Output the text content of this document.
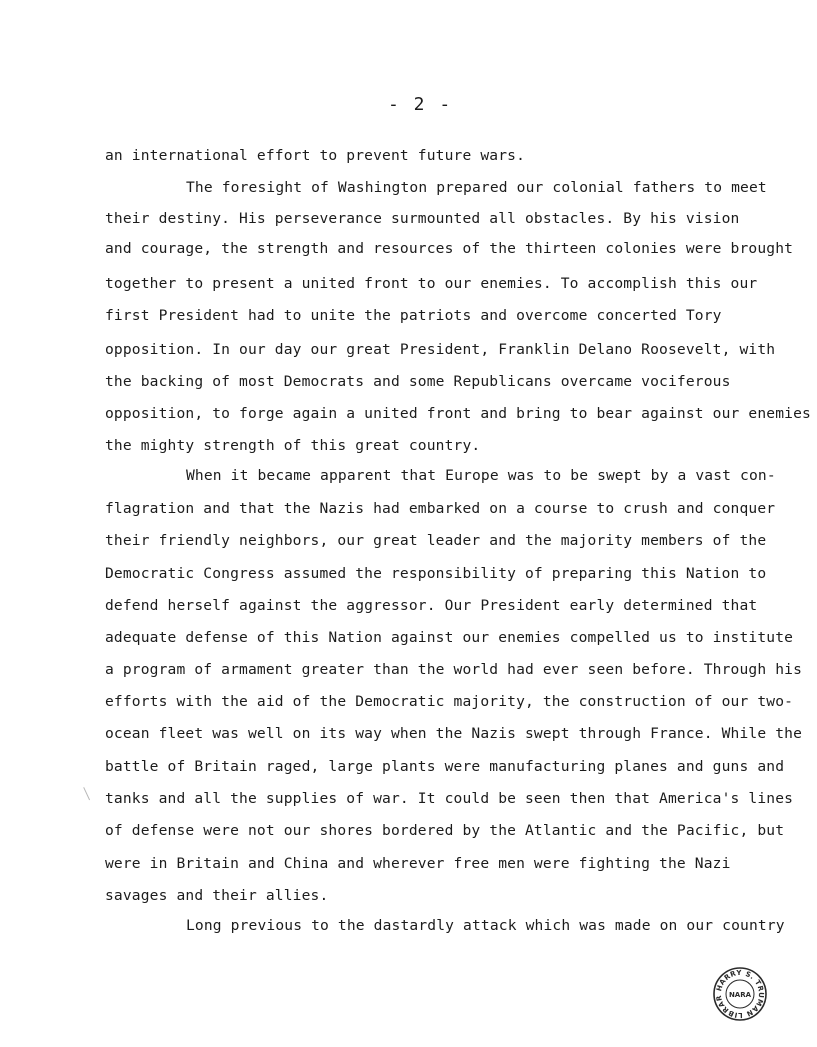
- 2 -
an international effort to prevent future wars.
The foresight of Washington prepared our colonial fathers to meet
their destiny. His perseverance surmounted all obstacles. By his vision
and courage, the strength and resources of the thirteen colonies were brought
together to present a united front to our enemies. To accomplish this our
first President had to unite the patriots and overcome concerted Tory
opposition. In our day our great President, Franklin Delano Roosevelt, with
the backing of most Democrats and some Republicans overcame vociferous
opposition, to forge again a united front and bring to bear against our enemies
the mighty strength of this great country.
When it became apparent that Europe was to be swept by a vast con-
flagration and that the Nazis had embarked on a course to crush and conquer
their friendly neighbors, our great leader and the majority members of the
Democratic Congress assumed the responsibility of preparing this Nation to
defend herself against the aggressor. Our President early determined that
adequate defense of this Nation against our enemies compelled us to institute
a program of armament greater than the world had ever seen before. Through his
efforts with the aid of the Democratic majority, the construction of our two-
ocean fleet was well on its way when the Nazis swept through France. While the
battle of Britain raged, large plants were manufacturing planes and guns and
tanks and all the supplies of war. It could be seen then that America's lines
of defense were not our shores bordered by the Atlantic and the Pacific, but
were in Britain and China and wherever free men were fighting the Nazi
savages and their allies.
Long previous to the dastardly attack which was made on our country
HARRY S. TRUMAN LIBRAR NARA
